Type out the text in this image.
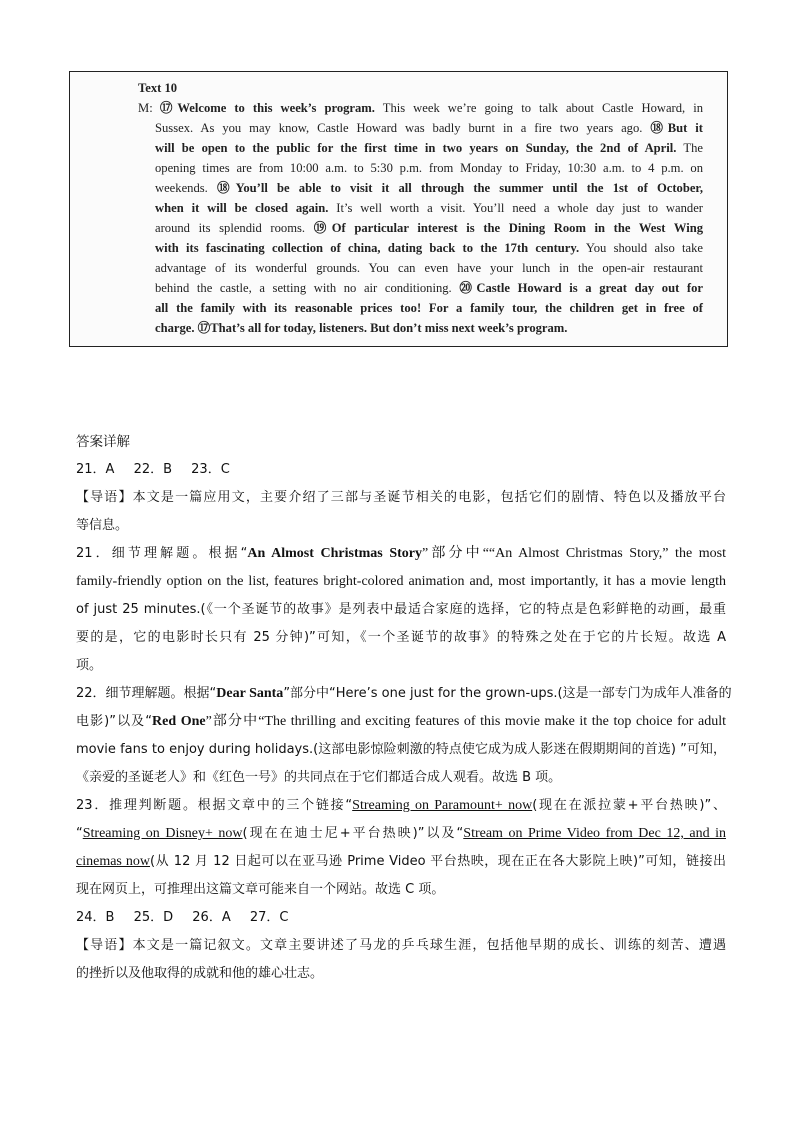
Text 10
M: ⑰Welcome to this week’s program. This week we’re going to talk about Castle Howard, in
Sussex. As you may know, Castle Howard was badly burnt in a fire two years ago. ⑱But it
will be open to the public for the first time in two years on Sunday, the 2nd of April. The
opening times are from 10:00 a.m. to 5:30 p.m. from Monday to Friday, 10:30 a.m. to 4 p.m. on
weekends. ⑱You’ll be able to visit it all through the summer until the 1st of October,
when it will be closed again. It’s well worth a visit. You’ll need a whole day just to wander
around its splendid rooms. ⑲Of particular interest is the Dining Room in the West Wing
with its fascinating collection of china, dating back to the 17th century. You should also take
advantage of its wonderful grounds. You can even have your lunch in the open-air restaurant
behind the castle, a setting with no air conditioning. ⑳Castle Howard is a great day out for
all the family with its reasonable prices too! For a family tour, the children get in free of
charge. ⑰That’s all for today, listeners. But don’t miss next week’s program.

答案详解

21．A　 22．B　 23．C

【导语】本文是一篇应用文，主要介绍了三部与圣诞节相关的电影，包括它们的剧情、特色以及播放平台

等信息。

21．细节理解题。根据“An Almost Christmas Story”部分中““An Almost Christmas Story,” the most

family-friendly option on the list, features bright-colored animation and, most importantly, it has a movie length

of just 25 minutes.(《一个圣诞节的故事》是列表中最适合家庭的选择，它的特点是色彩鲜艳的动画，最重

要的是，它的电影时长只有 25 分钟)”可知，《一个圣诞节的故事》的特殊之处在于它的片长短。故选 A

项。

22．细节理解题。根据“Dear Santa”部分中“Here’s one just for the grown-ups.(这是一部专门为成年人准备的

电影)”以及“Red One”部分中“The thrilling and exciting features of this movie make it the top choice for adult

movie fans to enjoy during holidays.(这部电影惊险刺激的特点使它成为成人影迷在假期期间的首选) ”可知，

《亲爱的圣诞老人》和《红色一号》的共同点在于它们都适合成人观看。故选 B 项。

23．推理判断题。根据文章中的三个链接“Streaming on Paramount+ now(现在在派拉蒙+平台热映)”、

“Streaming on Disney+ now(现在在迪士尼+平台热映)”以及“Stream on Prime Video from Dec 12, and in

cinemas now(从 12 月 12 日起可以在亚马逊 Prime Video 平台热映，现在正在各大影院上映)”可知，链接出

现在网页上，可推理出这篇文章可能来自一个网站。故选 C 项。

24．B　 25．D　 26．A　 27．C

【导语】本文是一篇记叙文。文章主要讲述了马龙的乒乓球生涯，包括他早期的成长、训练的刻苦、遭遇

的挫折以及他取得的成就和他的雄心壮志。
